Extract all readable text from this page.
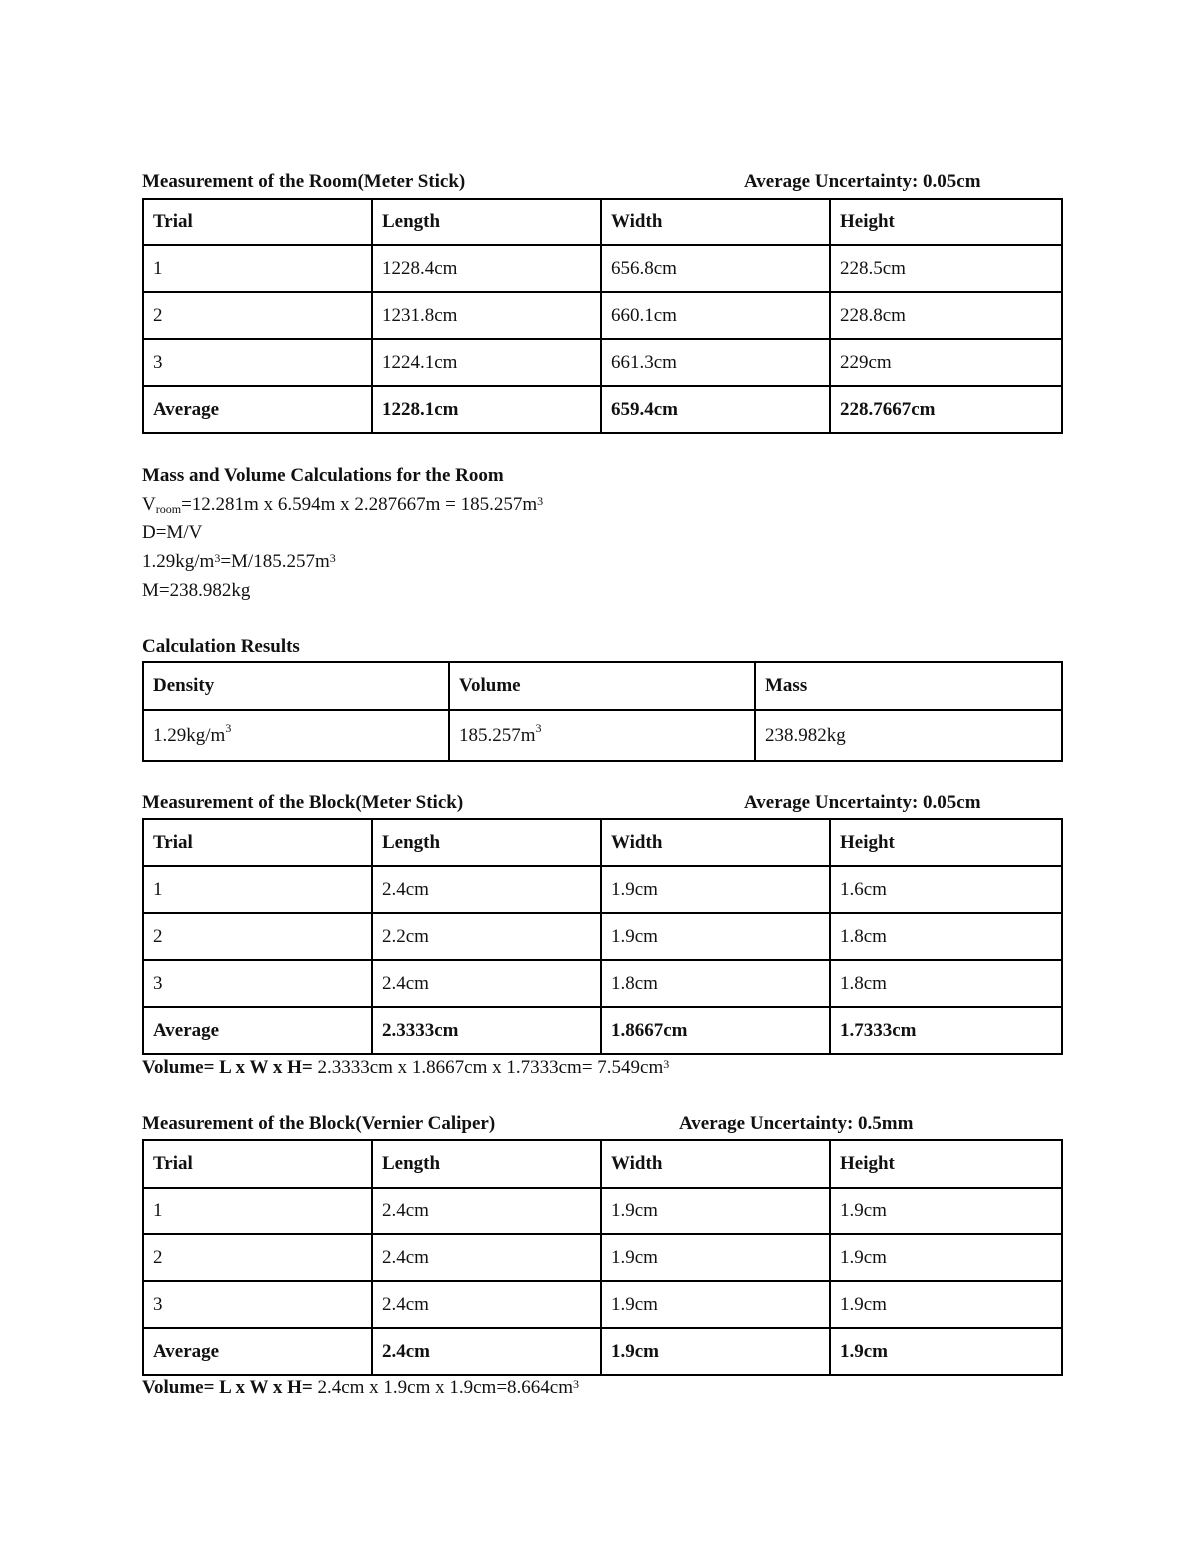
Measurement of the Room(Meter Stick)	Average Uncertainty: 0.05cm
Trial	Length	Width	Height
1	1228.4cm	656.8cm	228.5cm
2	1231.8cm	660.1cm	228.8cm
3	1224.1cm	661.3cm	229cm
Average	1228.1cm	659.4cm	228.7667cm
Mass and Volume Calculations for the Room
$V_{room}=12.281m$ x 6.594m x $2.287667m = 185.257m^3$
D=M/V
$1.29kg/m^3=M/185.257m^3$
M=238.982kg
Calculation Results
Density	Volume	Mass
$1.29kg/m^3$	$185.257m^3$	238.982kg
Measurement of the Block(Meter Stick)	Average Uncertainty: 0.05cm
Trial	Length	Width	Height
1	2.4cm	1.9cm	1.6cm
2	2.2cm	1.9cm	1.8cm
3	2.4cm	1.8cm	1.8cm
Average	2.3333cm	1.8667cm	1.7333cm
Volume= L x W x H= 2.3333cm x 1.8667cm x $1.7333cm= 7.549cm^3$
Measurement of the Block(Vernier Caliper)	Average Uncertainty: 0.5mm
Trial	Length	Width	Height
1	2.4cm	1.9cm	1.9cm
2	2.4cm	1.9cm	1.9cm
3	2.4cm	1.9cm	1.9cm
Average	2.4cm	1.9cm	1.9cm
Volume= L x W x H= 2.4cm x 1.9cm x $1.9cm=8.664cm^3$
